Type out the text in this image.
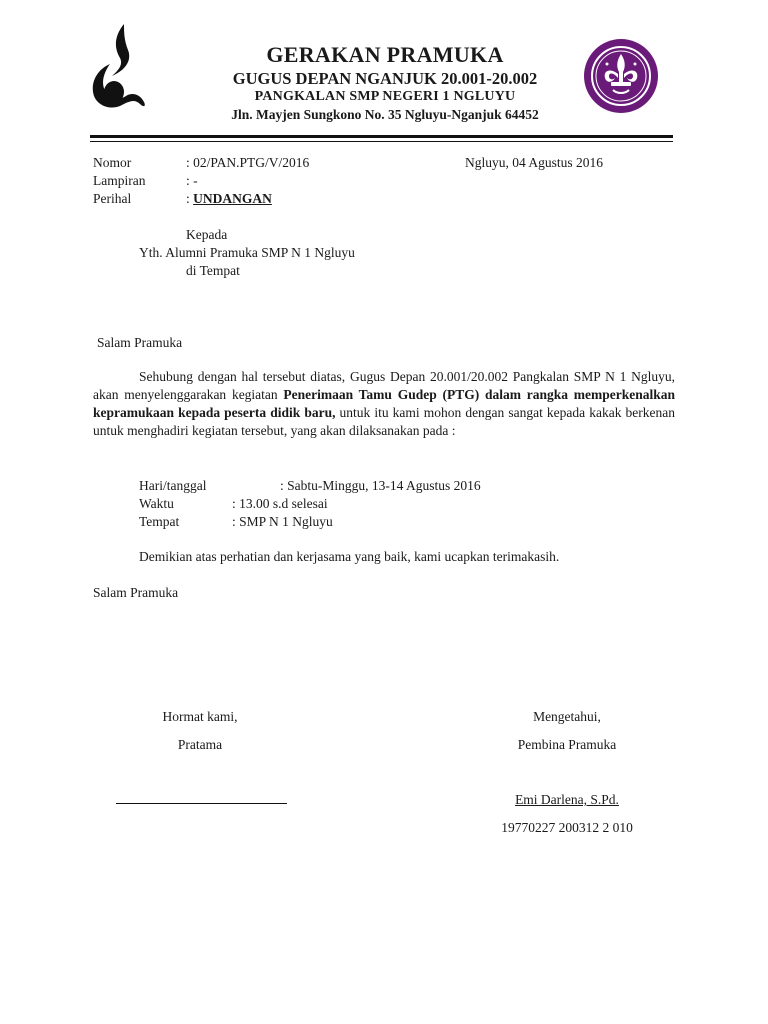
GERAKAN PRAMUKA
GUGUS DEPAN NGANJUK 20.001-20.002
PANGKALAN SMP NEGERI 1 NGLUYU
Jln. Mayjen Sungkono No. 35 Ngluyu-Nganjuk 64452
Nomor	: 02/PAN.PTG/V/2016	Ngluyu, 04 Agustus 2016
Lampiran	: -
Perihal	: UNDANGAN
Kepada
Yth. Alumni Pramuka SMP N 1 Ngluyu
di Tempat
Salam Pramuka
Sehubung dengan hal tersebut diatas, Gugus Depan 20.001/20.002 Pangkalan SMP N 1 Ngluyu, akan menyelenggarakan kegiatan Penerimaan Tamu Gudep (PTG) dalam rangka memperkenalkan kepramukaan kepada peserta didik baru, untuk itu kami mohon dengan sangat kepada kakak berkenan untuk menghadiri kegiatan tersebut, yang akan dilaksanakan pada :
Hari/tanggal	: Sabtu-Minggu, 13-14 Agustus 2016
Waktu	: 13.00 s.d selesai
Tempat	: SMP N 1 Ngluyu
Demikian atas perhatian dan kerjasama yang baik, kami ucapkan terimakasih.
Salam Pramuka
Hormat kami,
Pratama
Mengetahui,
Pembina Pramuka
Emi Darlena, S.Pd.
19770227 200312 2 010
